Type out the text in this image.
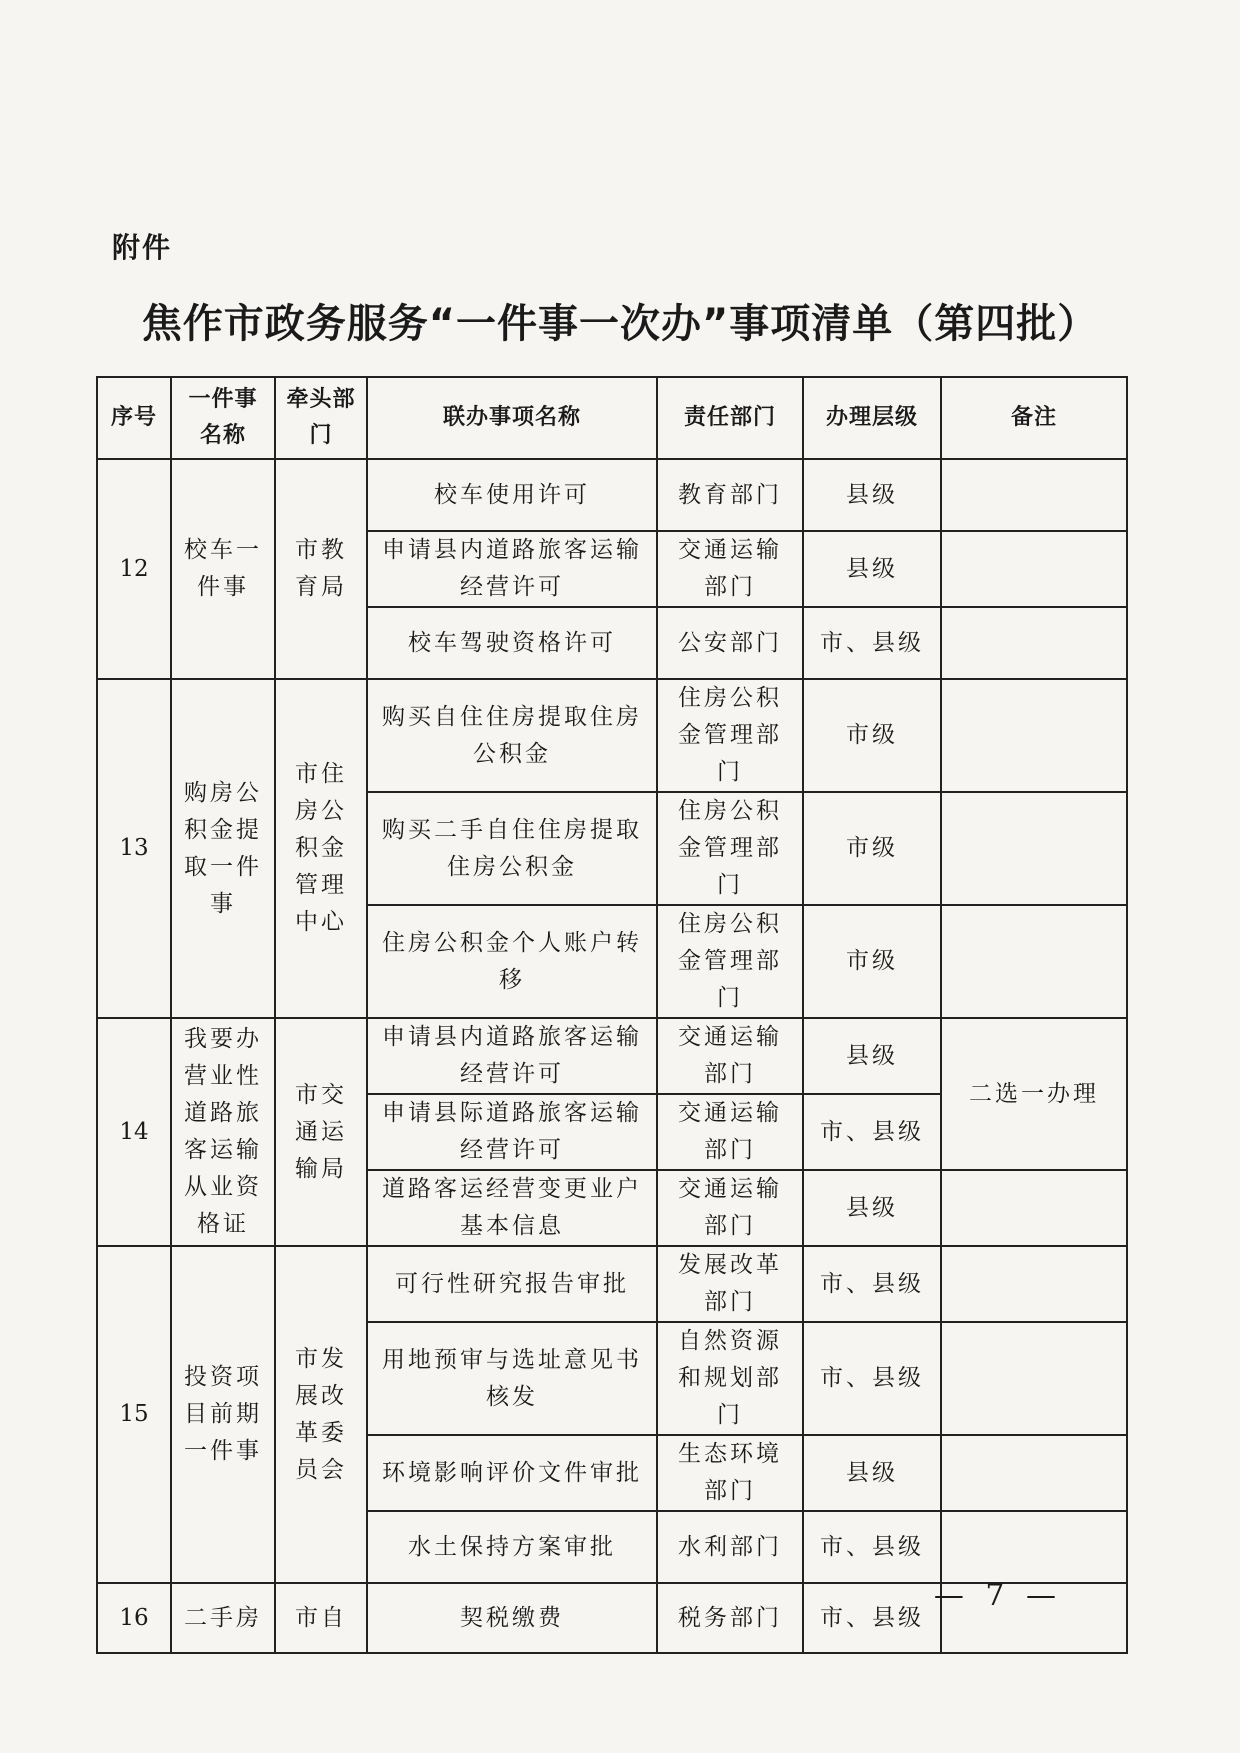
附件
焦作市政务服务“一件事一次办”事项清单（第四批）
序号	一件事名称	牵头部门	联办事项名称	责任部门	办理层级	备注
12	校车一件事	市教育局	校车使用许可	教育部门	县级	
			申请县内道路旅客运输经营许可	交通运输部门	县级	
			校车驾驶资格许可	公安部门	市、县级	
13	购房公积金提取一件事	市住房公积金管理中心	购买自住住房提取住房公积金	住房公积金管理部门	市级	
			购买二手自住住房提取住房公积金	住房公积金管理部门	市级	
			住房公积金个人账户转移	住房公积金管理部门	市级	
14	我要办营业性道路旅客运输从业资格证	市交通运输局	申请县内道路旅客运输经营许可	交通运输部门	县级	二选一办理
			申请县际道路旅客运输经营许可	交通运输部门	市、县级	
			道路客运经营变更业户基本信息	交通运输部门	县级	
15	投资项目前期一件事	市发展改革委员会	可行性研究报告审批	发展改革部门	市、县级	
			用地预审与选址意见书核发	自然资源和规划部门	市、县级	
			环境影响评价文件审批	生态环境部门	县级	
			水土保持方案审批	水利部门	市、县级	
16	二手房	市自	契税缴费	税务部门	市、县级	
— 7 —
